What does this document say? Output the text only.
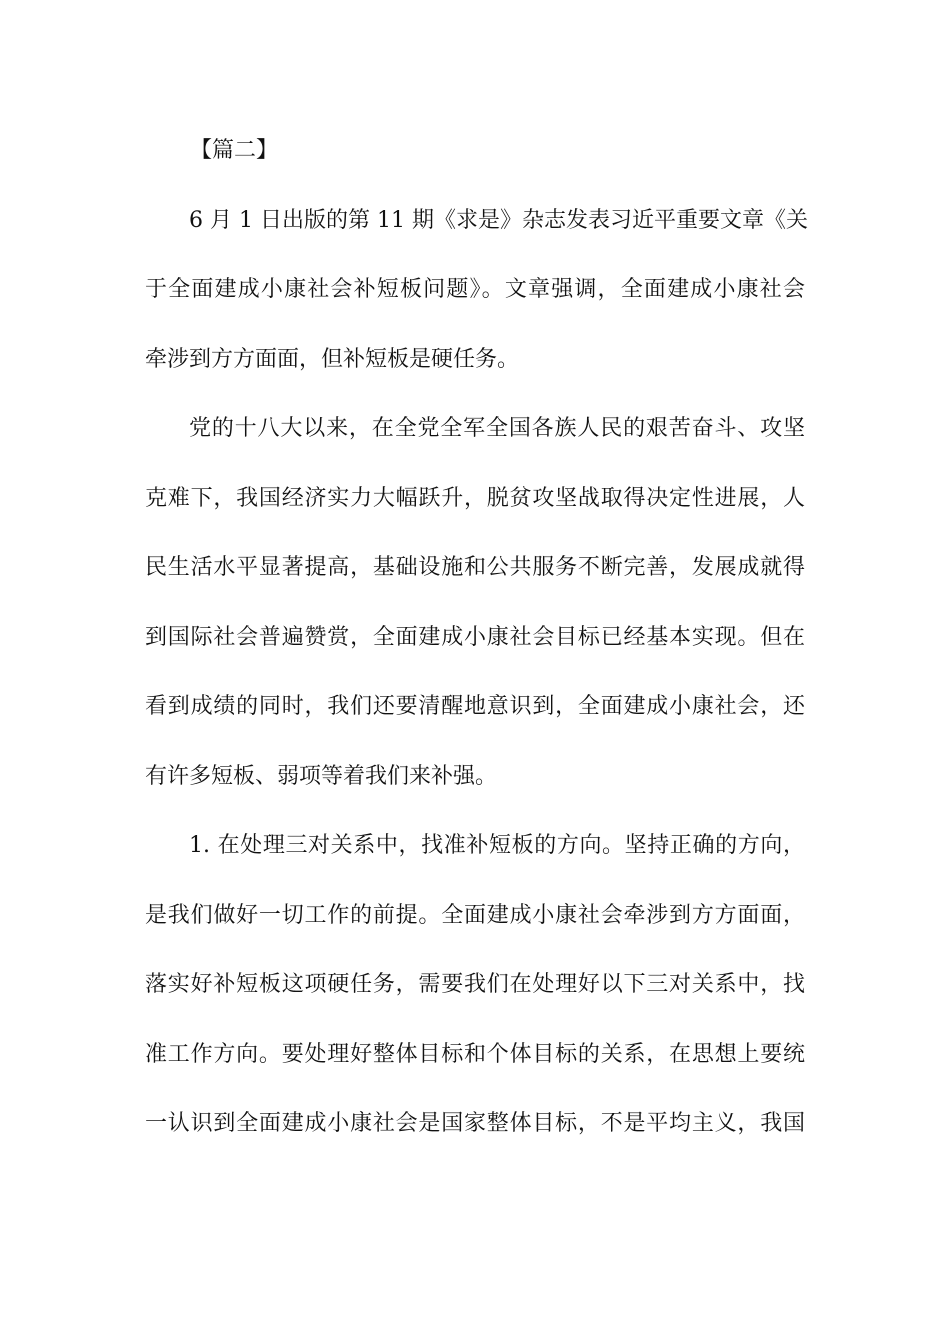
【篇二】
6 月 1 日出版的第 11 期《求是》杂志发表习近平重要文章《关
于全面建成小康社会补短板问题》。文章强调，全面建成小康社会
牵涉到方方面面，但补短板是硬任务。
党的十八大以来，在全党全军全国各族人民的艰苦奋斗、攻坚
克难下，我国经济实力大幅跃升，脱贫攻坚战取得决定性进展，人
民生活水平显著提高，基础设施和公共服务不断完善，发展成就得
到国际社会普遍赞赏，全面建成小康社会目标已经基本实现。但在
看到成绩的同时，我们还要清醒地意识到，全面建成小康社会，还
有许多短板、弱项等着我们来补强。
1. 在处理三对关系中，找准补短板的方向。坚持正确的方向，
是我们做好一切工作的前提。全面建成小康社会牵涉到方方面面，
落实好补短板这项硬任务，需要我们在处理好以下三对关系中，找
准工作方向。要处理好整体目标和个体目标的关系，在思想上要统
一认识到全面建成小康社会是国家整体目标，不是平均主义，我国
